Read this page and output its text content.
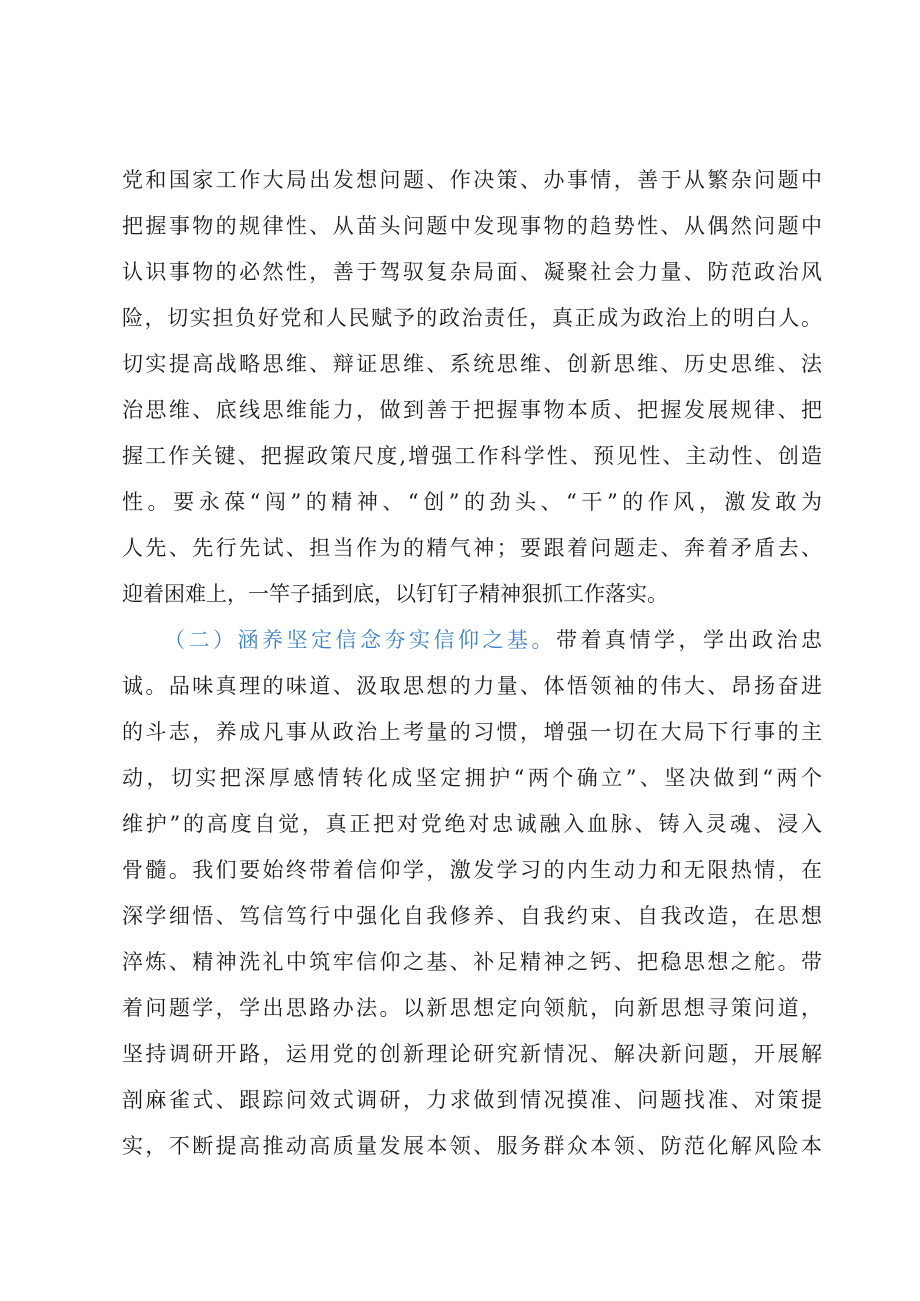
党和国家工作大局出发想问题、作决策、办事情，善于从繁杂问题中
把握事物的规律性、从苗头问题中发现事物的趋势性、从偶然问题中
认识事物的必然性，善于驾驭复杂局面、凝聚社会力量、防范政治风
险，切实担负好党和人民赋予的政治责任，真正成为政治上的明白人。
切实提高战略思维、辩证思维、系统思维、创新思维、历史思维、法
治思维、底线思维能力，做到善于把握事物本质、把握发展规律、把
握工作关键、把握政策尺度,增强工作科学性、预见性、主动性、创造
性。要永葆“闯”的精神、“创”的劲头、“干”的作风，激发敢为
人先、先行先试、担当作为的精气神；要跟着问题走、奔着矛盾去、
迎着困难上，一竿子插到底，以钉钉子精神狠抓工作落实。
（二）涵养坚定信念夯实信仰之基。带着真情学，学出政治忠
诚。品味真理的味道、汲取思想的力量、体悟领袖的伟大、昂扬奋进
的斗志，养成凡事从政治上考量的习惯，增强一切在大局下行事的主
动，切实把深厚感情转化成坚定拥护“两个确立”、坚决做到“两个
维护”的高度自觉，真正把对党绝对忠诚融入血脉、铸入灵魂、浸入
骨髓。我们要始终带着信仰学，激发学习的内生动力和无限热情，在
深学细悟、笃信笃行中强化自我修养、自我约束、自我改造，在思想
淬炼、精神洗礼中筑牢信仰之基、补足精神之钙、把稳思想之舵。带
着问题学，学出思路办法。以新思想定向领航，向新思想寻策问道，
坚持调研开路，运用党的创新理论研究新情况、解决新问题，开展解
剖麻雀式、跟踪问效式调研，力求做到情况摸准、问题找准、对策提
实，不断提高推动高质量发展本领、服务群众本领、防范化解风险本
